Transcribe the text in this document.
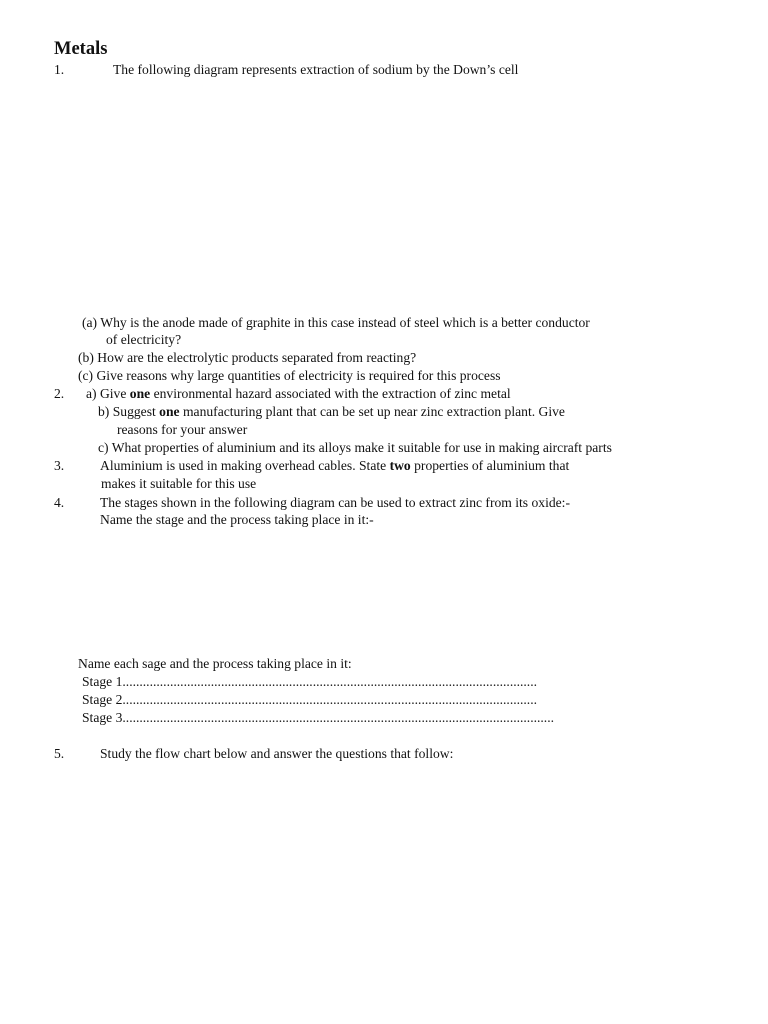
Metals
1.	The following diagram represents extraction of sodium by the Down’s cell
(a) Why is the anode made of graphite in this case instead of steel which is a better conductor
of electricity?
(b) How are the electrolytic products separated from reacting?
(c) Give reasons why large quantities of electricity is required for this process
2. a) Give one environmental hazard associated with the extraction of zinc metal
b) Suggest one manufacturing plant that can be set up near zinc extraction plant. Give
reasons for your answer
c) What properties of aluminium and its alloys make it suitable for use in making aircraft parts
3.	Aluminium is used in making overhead cables. State two properties of aluminium that
makes it suitable for this use
4.	The stages shown in the following diagram can be used to extract zinc from its oxide:-
Name the stage and the process taking place in it:-
Name each sage and the process taking place in it:
Stage 1..........................................................................................................................
Stage 2..........................................................................................................................
Stage 3...............................................................................................................................
5.	Study the flow chart below and answer the questions that follow:
